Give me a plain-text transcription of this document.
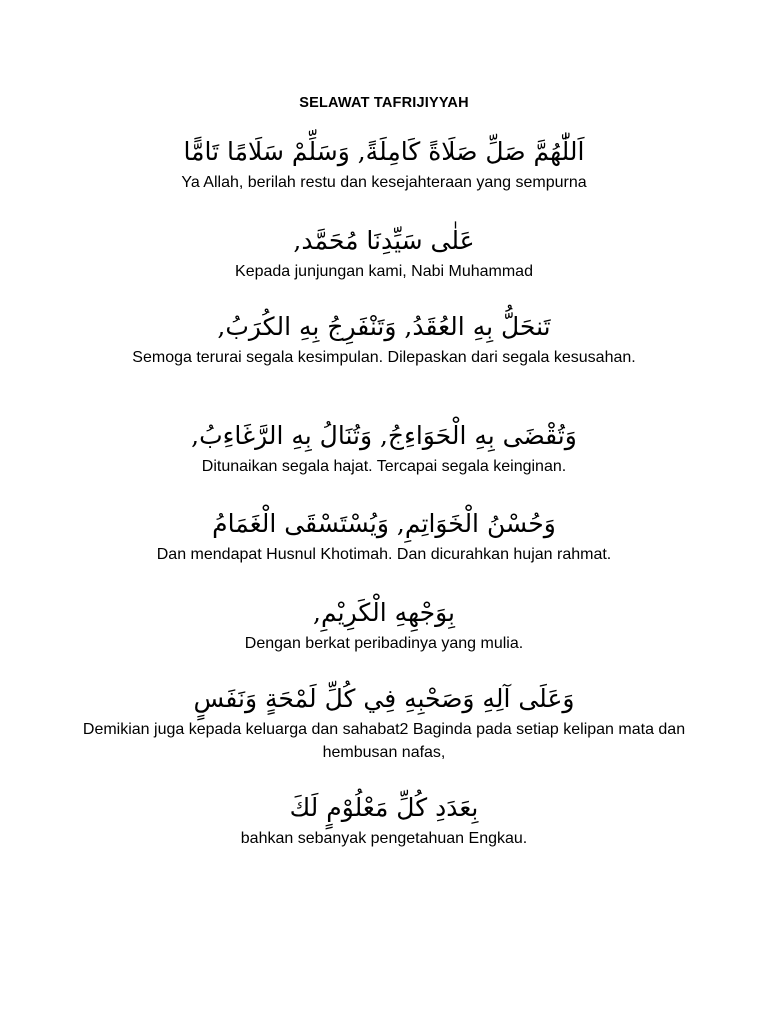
SELAWAT TAFRIJIYYAH
اَللّٰهُمَّ صَلِّ صَلَاةً كَامِلَةً, وَسَلِّمْ سَلَامًا تَامًّا
Ya Allah, berilah restu dan kesejahteraan yang sempurna
عَلٰى سَيِّدِنَا مُحَمَّد,
Kepada junjungan kami, Nabi Muhammad
تَنحَلُّ بِهِ العُقَدُ, وَتَنْفَرِجُ بِهِ الكُرَبُ,
Semoga terurai segala kesimpulan. Dilepaskan dari segala kesusahan.
وَتُقْضَى بِهِ الْحَوَاءِجُ, وَتُنَالُ بِهِ الرَّغَاءِبُ,
Ditunaikan segala hajat. Tercapai segala keinginan.
وَحُسْنُ الْخَوَاتِمِ, وَيُسْتَسْقَى الْغَمَامُ
Dan mendapat Husnul Khotimah. Dan dicurahkan hujan rahmat.
بِوَجْهِهِ الْكَرِيْمِ,
Dengan berkat peribadinya yang mulia.
وَعَلَى آلِهِ وَصَحْبِهِ فِي كُلِّ لَمْحَةٍ وَنَفَسٍ
Demikian juga kepada keluarga dan sahabat2 Baginda pada setiap kelipan mata dan hembusan nafas,
بِعَدَدِ كُلِّ مَعْلُوْمٍ لَكَ
bahkan sebanyak pengetahuan Engkau.
